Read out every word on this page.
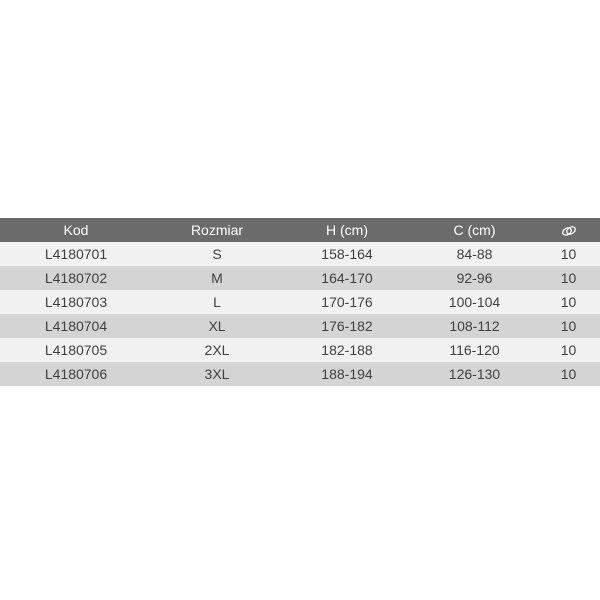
Kod	Rozmiar	H (cm)	C (cm)	

L4180701	S	158-164	84-88	10
L4180702	M	164-170	92-96	10
L4180703	L	170-176	100-104	10
L4180704	XL	176-182	108-112	10
L4180705	2XL	182-188	116-120	10
L4180706	3XL	188-194	126-130	10
